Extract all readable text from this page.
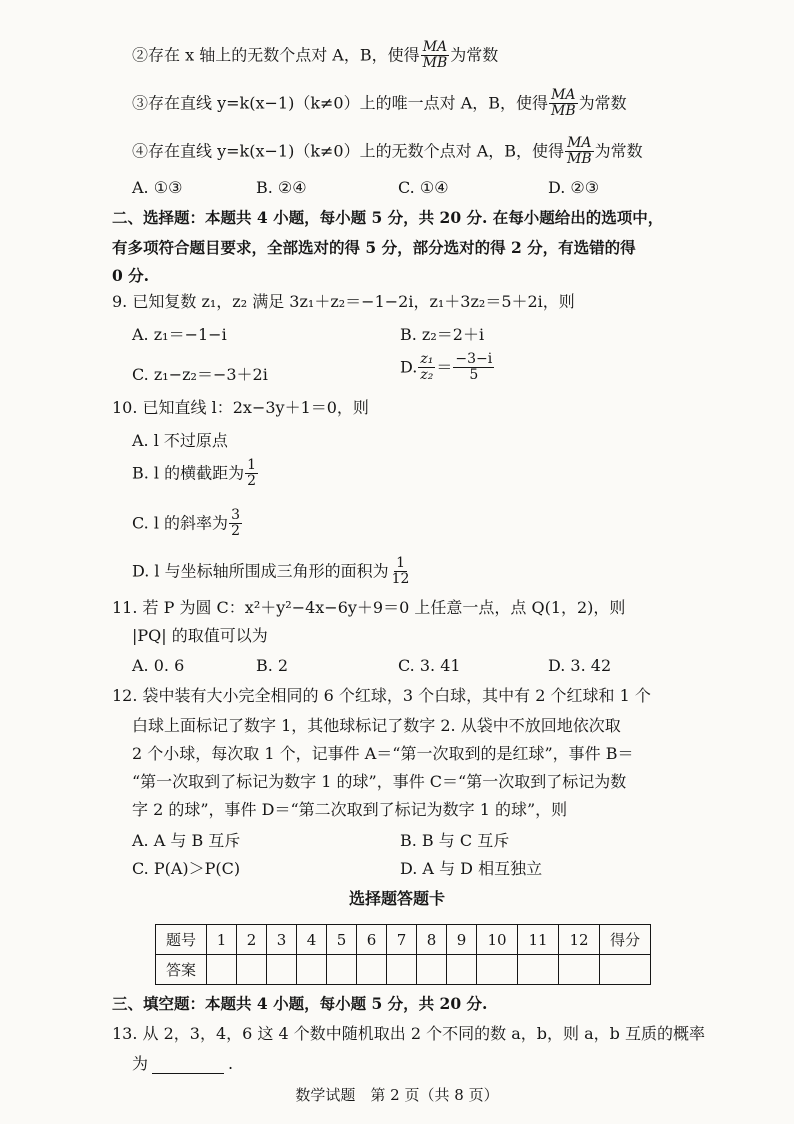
②存在 x 轴上的无数个点对 A，B，使得 $\frac{MA}{MB}$ 为常数
③存在直线 y=k(x−1)（k≠0）上的唯一点对 A，B，使得 $\frac{MA}{MB}$ 为常数
④存在直线 y=k(x−1)（k≠0）上的无数个点对 A，B，使得 $\frac{MA}{MB}$ 为常数
A. ①③	B. ②④	C. ①④	D. ②③
二、选择题：本题共 4 小题，每小题 5 分，共 20 分. 在每小题给出的选项中，
有多项符合题目要求，全部选对的得 5 分，部分选对的得 2 分，有选错的得
0 分.
9. 已知复数 z₁，z₂ 满足 3z₁＋z₂＝−1−2i，z₁＋3z₂＝5＋2i，则
A. z₁＝−1−i	B. z₂＝2＋i
C. z₁−z₂＝−3＋2i	D. $\frac{\text{z₁}}{\text{z₂}} = \frac{-3-i}{5}$
10. 已知直线 l：2x−3y＋1＝0，则
A. l 不过原点
B. l 的横截距为 $\frac{1}{2}$
C. l 的斜率为 $\frac{3}{2}$
D. l 与坐标轴所围成三角形的面积为 $\frac{1}{12}$
11. 若 P 为圆 C：x²＋y²−4x−6y＋9＝0 上任意一点，点 Q(1，2)，则
|PQ| 的取值可以为
A. 0. 6	B. 2	C. 3. 41	D. 3. 42
12. 袋中装有大小完全相同的 6 个红球，3 个白球，其中有 2 个红球和 1 个
白球上面标记了数字 1，其他球标记了数字 2. 从袋中不放回地依次取
2 个小球，每次取 1 个，记事件 A＝“第一次取到的是红球”，事件 B＝
“第一次取到了标记为数字 1 的球”，事件 C＝“第一次取到了标记为数
字 2 的球”，事件 D＝“第二次取到了标记为数字 1 的球”，则
A. A 与 B 互斥	B. B 与 C 互斥
C. P(A)＞P(C)	D. A 与 D 相互独立
选择题答题卡
题号	1	2	3	4	5	6	7	8	9	10	11	12	得分
答案													
三、填空题：本题共 4 小题，每小题 5 分，共 20 分.
13. 从 2，3，4，6 这 4 个数中随机取出 2 个不同的数 a，b，则 a，b 互质的概率
为	.
数学试题　第 2 页（共 8 页）
